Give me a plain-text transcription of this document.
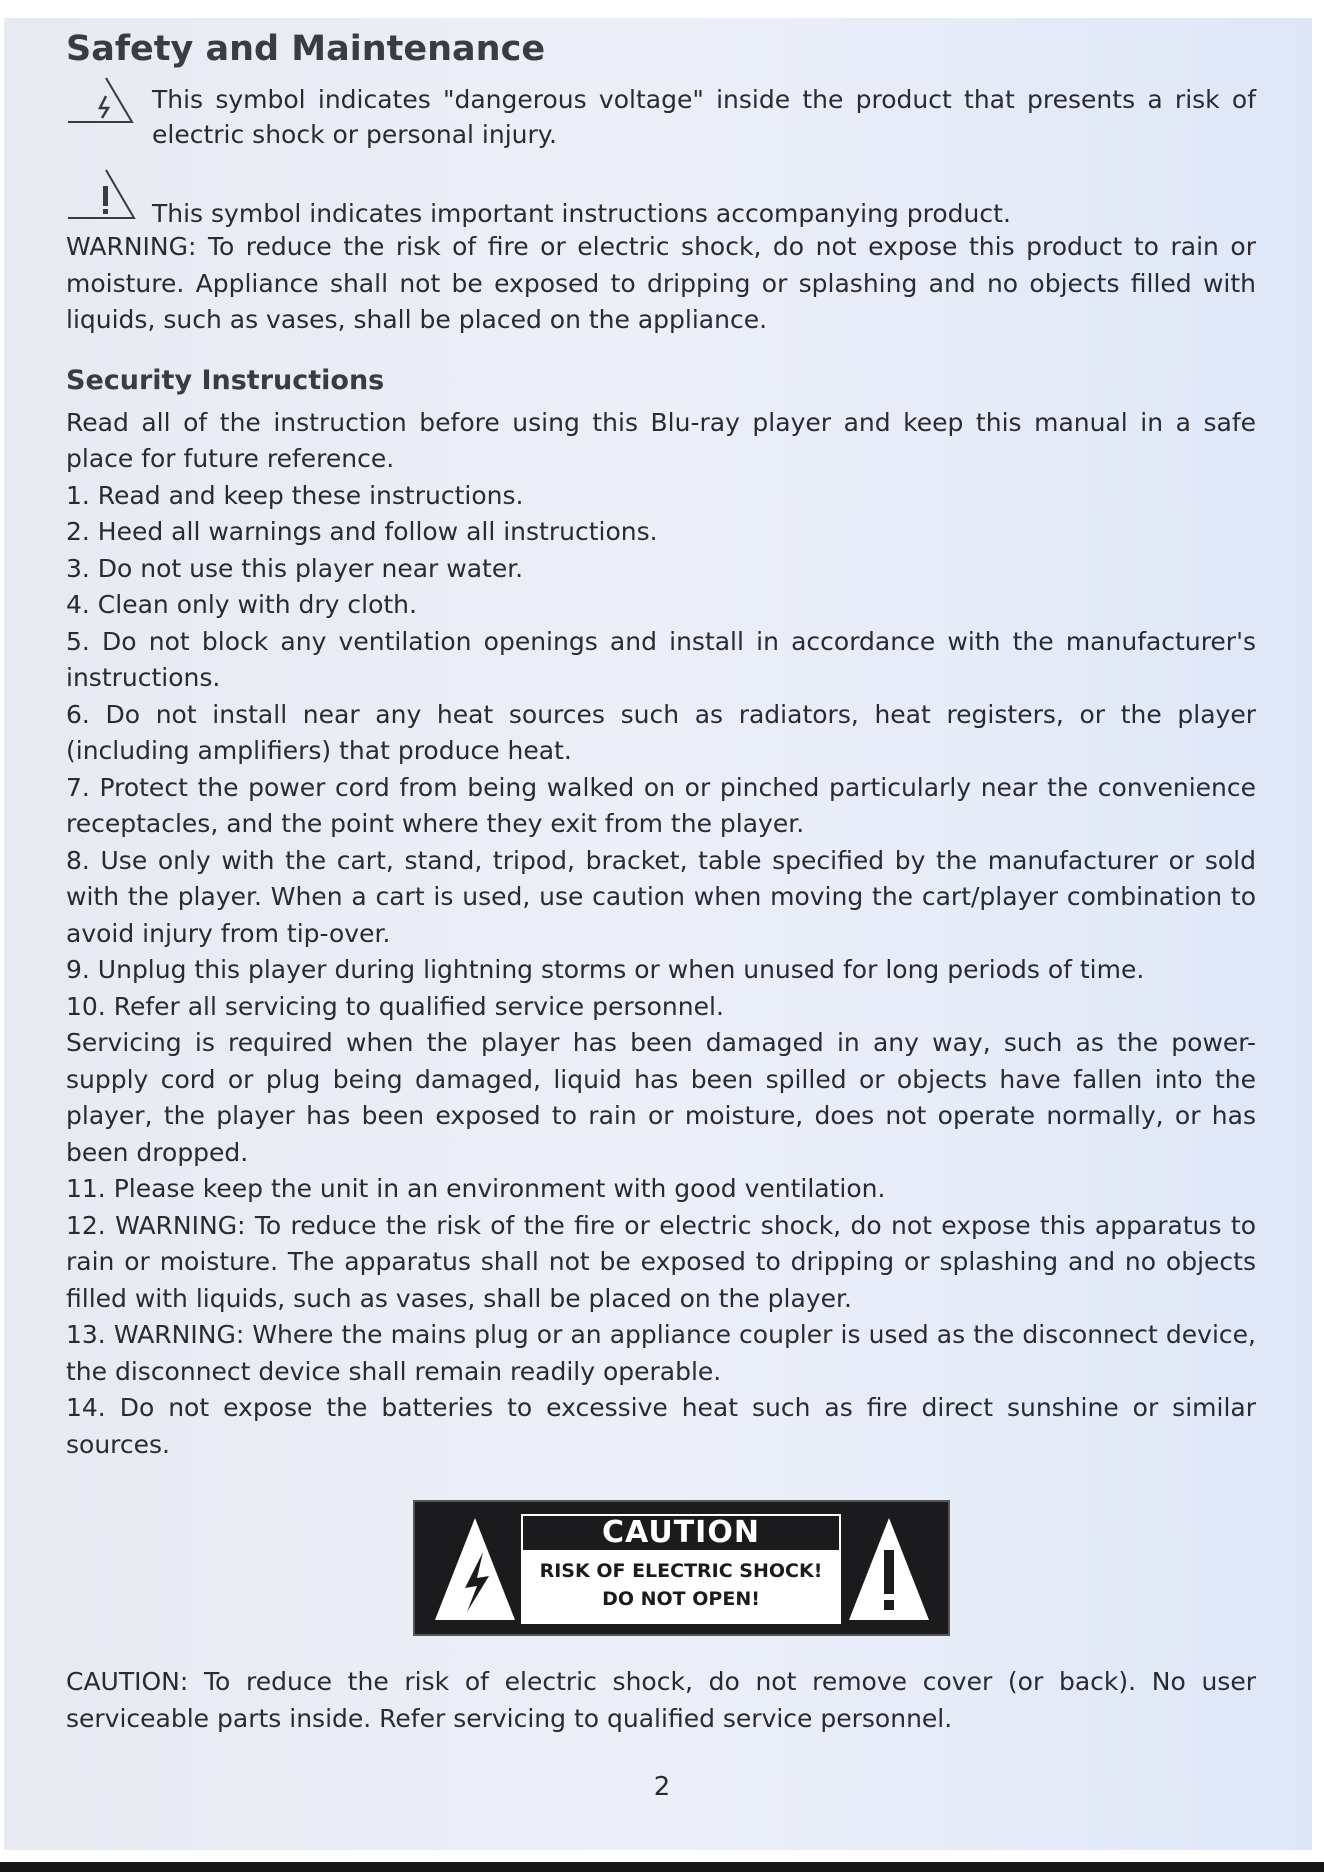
Safety and Maintenance
This symbol indicates "dangerous voltage" inside the product that presents a risk of electric shock or personal injury.
This symbol indicates important instructions accompanying product.

WARNING: To reduce the risk of fire or electric shock, do not expose this product to rain or moisture. Appliance shall not be exposed to dripping or splashing and no objects filled with liquids, such as vases, shall be placed on the appliance.

Security Instructions

Read all of the instruction before using this Blu-ray player and keep this manual in a safe place for future reference.

1. Read and keep these instructions.

2. Heed all warnings and follow all instructions.

3. Do not use this player near water.

4. Clean only with dry cloth.

5. Do not block any ventilation openings and install in accordance with the manufacturer's instructions.

6. Do not install near any heat sources such as radiators, heat registers, or the player (including amplifiers) that produce heat.

7. Protect the power cord from being walked on or pinched particularly near the convenience receptacles, and the point where they exit from the player.

8. Use only with the cart, stand, tripod, bracket, table specified by the manufacturer or sold with the player. When a cart is used, use caution when moving the cart/player combination to avoid injury from tip-over.

9. Unplug this player during lightning storms or when unused for long periods of time.

10. Refer all servicing to qualified service personnel.

Servicing is required when the player has been damaged in any way, such as the power-supply cord or plug being damaged, liquid has been spilled or objects have fallen into the player, the player has been exposed to rain or moisture, does not operate normally, or has been dropped.

11. Please keep the unit in an environment with good ventilation.

12. WARNING: To reduce the risk of the fire or electric shock, do not expose this apparatus to rain or moisture. The apparatus shall not be exposed to dripping or splashing and no objects filled with liquids, such as vases, shall be placed on the player.

13. WARNING: Where the mains plug or an appliance coupler is used as the disconnect device, the disconnect device shall remain readily operable.

14. Do not expose the batteries to excessive heat such as fire direct sunshine or similar sources.

CAUTION
RISK OF ELECTRIC SHOCK!
DO NOT OPEN!

CAUTION: To reduce the risk of electric shock, do not remove cover (or back). No user serviceable parts inside. Refer servicing to qualified service personnel.

2
